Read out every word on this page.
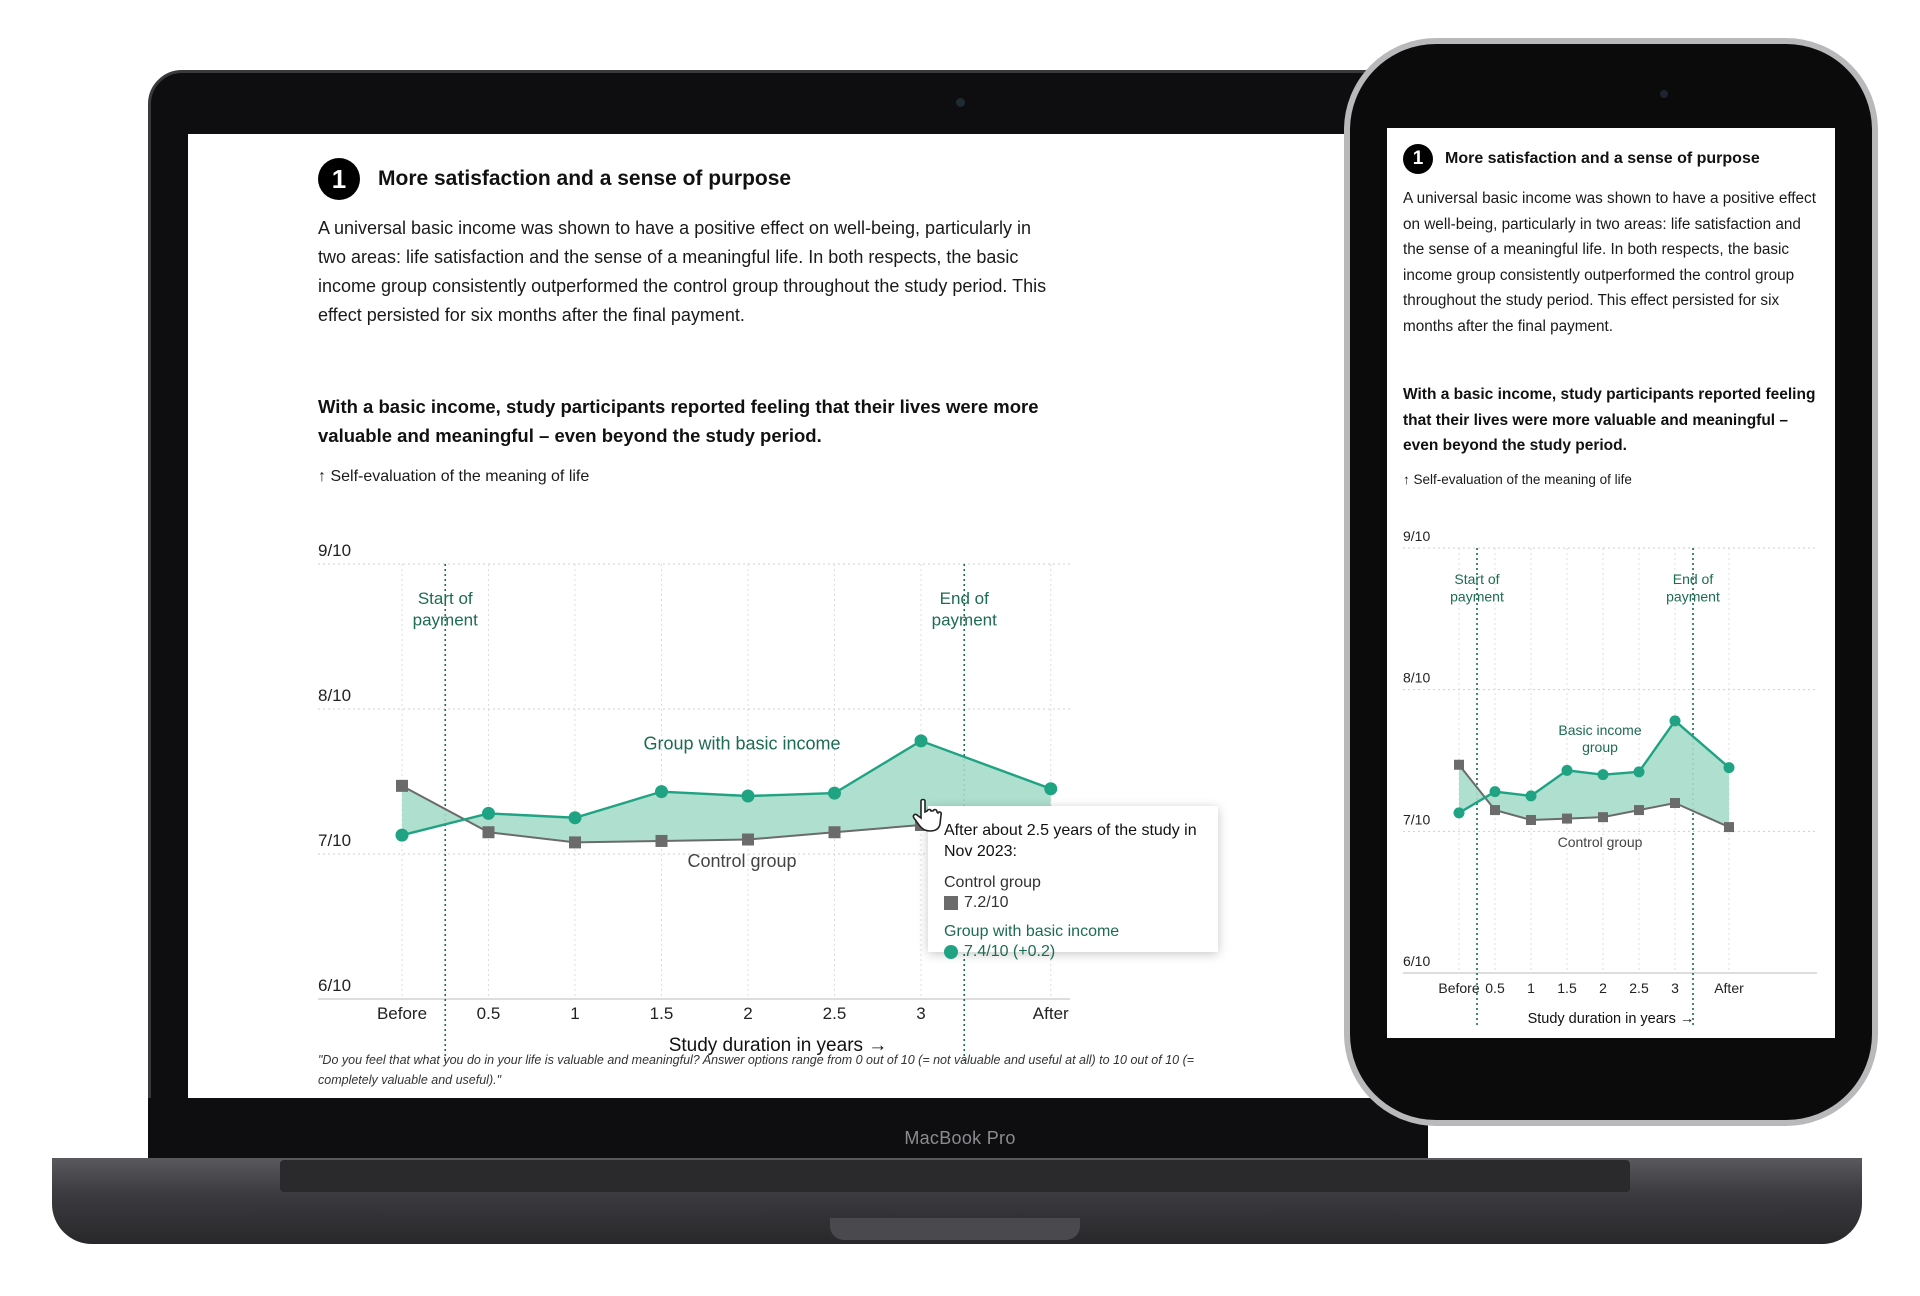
1	More satisfaction and a sense of purpose
A universal basic income was shown to have a positive effect on well-being, particularly in two areas: life satisfaction and the sense of a meaningful life. In both respects, the basic income group consistently outperformed the control group throughout the study period. This effect persisted for six months after the final payment.
With a basic income, study participants reported feeling that their lives were more valuable and meaningful – even beyond the study period.
↑ Self-evaluation of the meaning of life
9/10
8/10
7/10
6/10
Before	0.5	1	1.5	2	2.5	3	After
Study duration in years →
Start of
payment
End of
payment
Group with basic income
Control group
After about 2.5 years of the study in Nov 2023:
Control group
7.2/10
Group with basic income
7.4/10 (+0.2)
"Do you feel that what you do in your life is valuable and meaningful? Answer options range from 0 out of 10 (= not valuable and useful at all) to 10 out of 10 (= completely valuable and useful)."
MacBook Pro
1	More satisfaction and a sense of purpose
A universal basic income was shown to have a positive effect on well-being, particularly in two areas: life satisfaction and the sense of a meaningful life. In both respects, the basic income group consistently outperformed the control group throughout the study period. This effect persisted for six months after the final payment.
With a basic income, study participants reported feeling that their lives were more valuable and meaningful – even beyond the study period.
↑ Self-evaluation of the meaning of life
9/10
8/10
7/10
6/10
Before 0.5 1 1.5 2 2.5 3	After
Study duration in years →
Start of
payment
End of
payment
Basic income
group
Control group
